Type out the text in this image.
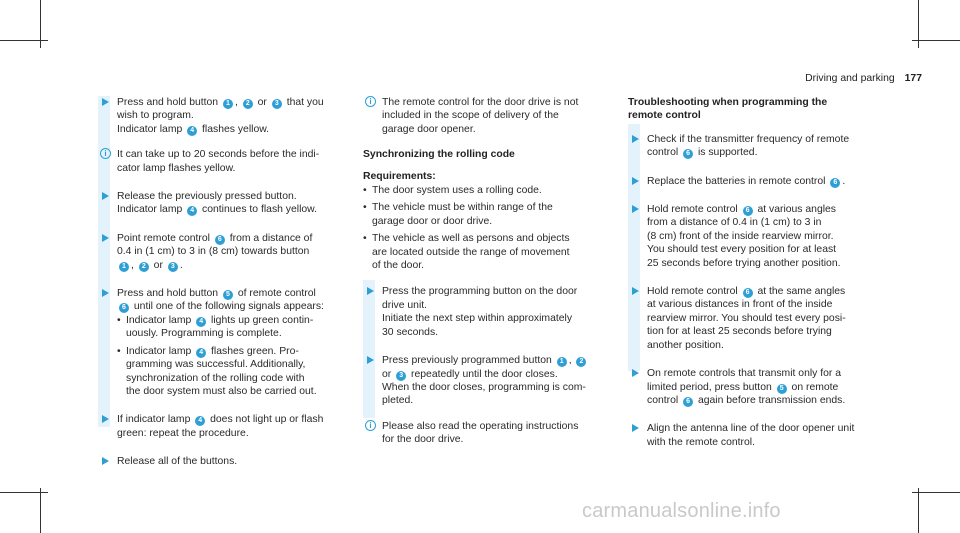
Driving and parking 177
Press and hold button 1 , 2 or 3 that you
wish to program.
Indicator lamp 4 flashes yellow.
i It can take up to 20 seconds before the indi-
cator lamp flashes yellow.
Release the previously pressed button.
Indicator lamp 4 continues to flash yellow.
Point remote control 6 from a distance of
0.4 in (1 cm) to 3 in (8 cm) towards button
1 , 2 or 3 .
Press and hold button 5 of remote control
6 until one of the following signals appears:
• Indicator lamp 4 lights up green contin-
uously. Programming is complete.
• Indicator lamp 4 flashes green. Pro-
gramming was successful. Additionally,
synchronization of the rolling code with
the door system must also be carried out.
If indicator lamp 4 does not light up or flash
green: repeat the procedure.
Release all of the buttons.
i The remote control for the door drive is not
included in the scope of delivery of the
garage door opener.
Synchronizing the rolling code
Requirements:
• The door system uses a rolling code.
• The vehicle must be within range of the
garage door or door drive.
• The vehicle as well as persons and objects
are located outside the range of movement
of the door.
Press the programming button on the door
drive unit.
Initiate the next step within approximately
30 seconds.
Press previously programmed button 1 , 2
or 3 repeatedly until the door closes.
When the door closes, programming is com-
pleted.
i Please also read the operating instructions
for the door drive.
Troubleshooting when programming the
remote control
Check if the transmitter frequency of remote
control 6 is supported.
Replace the batteries in remote control 6 .
Hold remote control 6 at various angles
from a distance of 0.4 in (1 cm) to 3 in
(8 cm) front of the inside rearview mirror.
You should test every position for at least
25 seconds before trying another position.
Hold remote control 6 at the same angles
at various distances in front of the inside
rearview mirror. You should test every posi-
tion for at least 25 seconds before trying
another position.
On remote controls that transmit only for a
limited period, press button 5 on remote
control 6 again before transmission ends.
Align the antenna line of the door opener unit
with the remote control.
carmanualsonline.info
